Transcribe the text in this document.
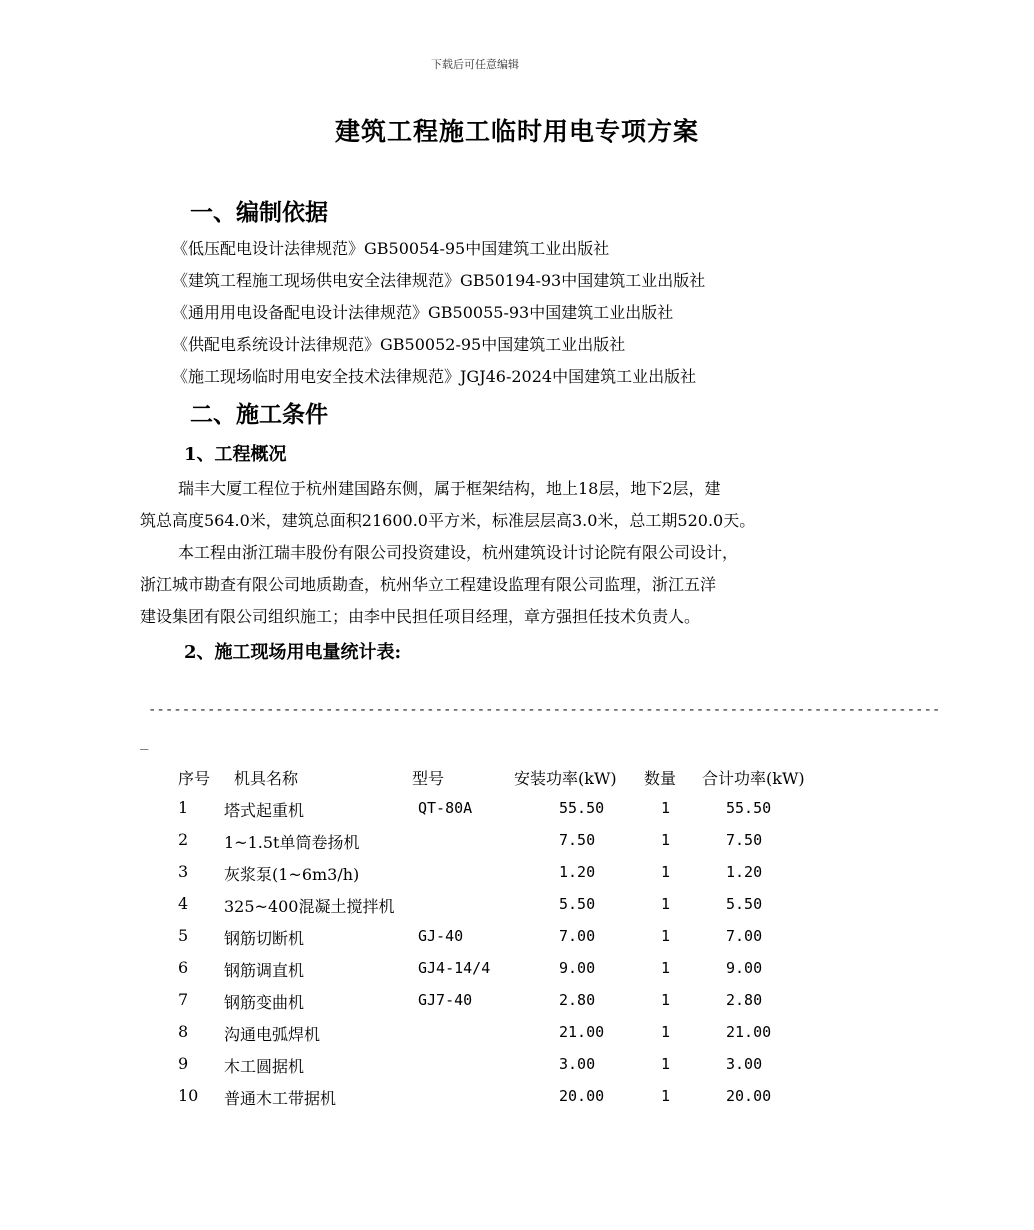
下载后可任意编辑
建筑工程施工临时用电专项方案
一、编制依据
《低压配电设计法律规范》GB50054-95中国建筑工业出版社
《建筑工程施工现场供电安全法律规范》GB50194-93中国建筑工业出版社
《通用用电设备配电设计法律规范》GB50055-93中国建筑工业出版社
《供配电系统设计法律规范》GB50052-95中国建筑工业出版社
《施工现场临时用电安全技术法律规范》JGJ46-2024中国建筑工业出版社
二、施工条件
1、工程概况
瑞丰大厦工程位于杭州建国路东侧，属于框架结构，地上18层，地下2层，建
筑总高度564.0米，建筑总面积21600.0平方米，标准层层高3.0米，总工期520.0天。
本工程由浙江瑞丰股份有限公司投资建设，杭州建筑设计讨论院有限公司设计，
浙江城市勘查有限公司地质勘查，杭州华立工程建设监理有限公司监理，浙江五洋
建设集团有限公司组织施工；由李中民担任项目经理，章方强担任技术负责人。
2、施工现场用电量统计表:
----------------------------------------------------------------------------------------------
_
序号 机具名称	型号	安装功率(kW) 数量 合计功率(kW)
1 塔式起重机	QT-80A	55.50	1	55.50
2 1~1.5t单筒卷扬机	7.50	1	7.50
3 灰浆泵(1~6m3/h)	1.20	1	1.20
4 325~400混凝土搅拌机	5.50	1	5.50
5 钢筋切断机	GJ-40	7.00	1	7.00
6 钢筋调直机	GJ4-14/4	9.00	1	9.00
7 钢筋变曲机	GJ7-40	2.80	1	2.80
8 沟通电弧焊机	21.00	1	21.00
9 木工圆据机	3.00	1	3.00
10 普通木工带据机	20.00	1	20.00
